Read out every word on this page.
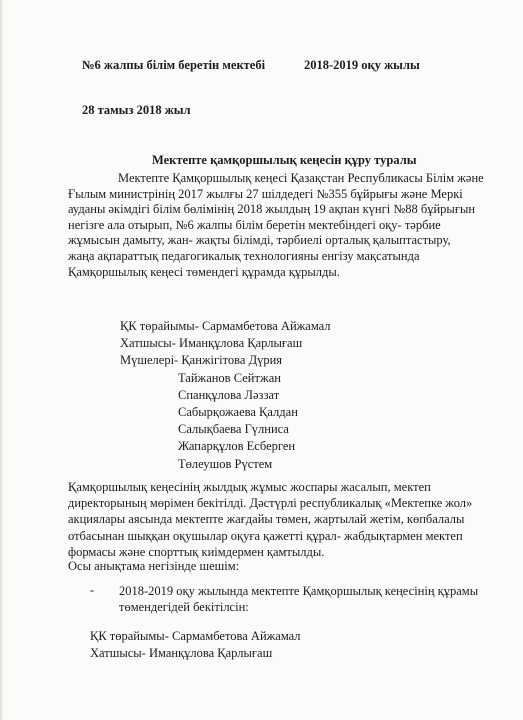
№6 жалпы білім беретін мектебі	2018-2019 оқу жылы
28 тамыз 2018 жыл
Мектепте қамқоршылық кеңесін құру туралы
Мектепте Қамқоршылық кеңесі Қазақстан Республикасы Білім және
Ғылым министрінің 2017 жылғы 27 шілдедегі №355 бұйрығы және Меркі
ауданы әкімдігі білім бөлімінің 2018 жылдың 19 ақпан күнгі №88 бұйрығын
негізге ала отырып, №6 жалпы білім беретін мектебіндегі оқу- тәрбие
жұмысын дамыту, жан- жақты білімді, тәрбиелі орталық қалыптастыру,
жаңа ақпараттық педагогикалық технологияны енгізу мақсатында
Қамқоршылық кеңесі төмендегі құрамда құрылды.
ҚК төрайымы- Сармамбетова Айжамал
Хатшысы- Иманқұлова Қарлығаш
Мүшелері- Қанжігітова Дүрия
Тайжанов Сейтжан
Спанқұлова Ләззат
Сабырқожаева Қалдан
Салықбаева Гүлниса
Жапарқұлов Есберген
Төлеушов Рүстем
Қамқоршылық кеңесінің жылдық жұмыс жоспары жасалып, мектеп
директорының мөрімен бекітілді. Дәстүрлі республикалық «Мектепке жол»
акциялары аясында мектепте жағдайы төмен, жартылай жетім, көпбалалы
отбасынан шыққан оқушылар оқуға қажетті құрал- жабдықтармен мектеп
формасы және спорттық киімдермен қамтылды.
Осы анықтама негізінде шешім:
- 2018-2019 оқу жылында мектепте Қамқоршылық кеңесінің құрамы
төмендегідей бекітілсін:
ҚК төрайымы- Сармамбетова Айжамал
Хатшысы- Иманқұлова Қарлығаш
